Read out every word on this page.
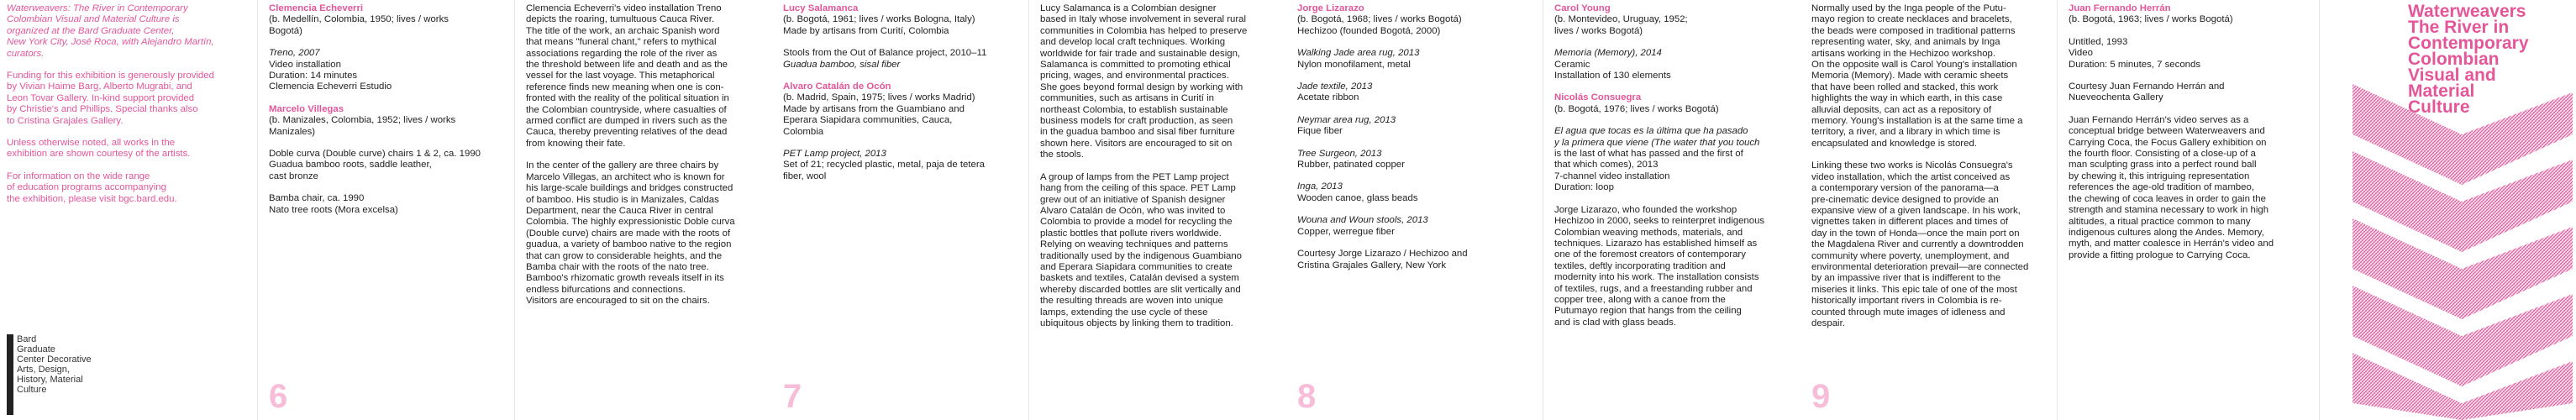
Waterweavers: The River in Contemporary
Colombian Visual and Material Culture is
organized at the Bard Graduate Center,
New York City, José Roca, with Alejandro Martín,
curators.

Funding for this exhibition is generously provided
by Vivian Haime Barg, Alberto Mugrabi, and
Leon Tovar Gallery. In-kind support provided
by Christie's and Phillips. Special thanks also
to Cristina Grajales Gallery.

Unless otherwise noted, all works in the
exhibition are shown courtesy of the artists.

For information on the wide range
of education programs accompanying
the exhibition, please visit bgc.bard.edu.

Bard
Graduate
Center Decorative
Arts, Design,
History, Material
Culture

Clemencia Echeverri
(b. Medellín, Colombia, 1950; lives / works
Bogotá)

Treno, 2007
Video installation
Duration: 14 minutes
Clemencia Echeverri Estudio

Marcelo Villegas
(b. Manizales, Colombia, 1952; lives / works
Manizales)

Doble curva (Double curve) chairs 1 & 2, ca. 1990
Guadua bamboo roots, saddle leather,
cast bronze

Bamba chair, ca. 1990
Nato tree roots (Mora excelsa)

6

Clemencia Echeverri's video installation Treno
depicts the roaring, tumultuous Cauca River.
The title of the work, an archaic Spanish word
that means "funeral chant," refers to mythical
associations regarding the role of the river as
the threshold between life and death and as the
vessel for the last voyage. This metaphorical
reference finds new meaning when one is con-
fronted with the reality of the political situation in
the Colombian countryside, where casualties of
armed conflict are dumped in rivers such as the
Cauca, thereby preventing relatives of the dead
from knowing their fate.

In the center of the gallery are three chairs by
Marcelo Villegas, an architect who is known for
his large-scale buildings and bridges constructed
of bamboo. His studio is in Manizales, Caldas
Department, near the Cauca River in central
Colombia. The highly expressionistic Doble curva
(Double curve) chairs are made with the roots of
guadua, a variety of bamboo native to the region
that can grow to considerable heights, and the
Bamba chair with the roots of the nato tree.
Bamboo's rhizomatic growth reveals itself in its
endless bifurcations and connections.
Visitors are encouraged to sit on the chairs.

Lucy Salamanca
(b. Bogotá, 1961; lives / works Bologna, Italy)
Made by artisans from Curití, Colombia

Stools from the Out of Balance project, 2010–11
Guadua bamboo, sisal fiber

Alvaro Catalán de Ocón
(b. Madrid, Spain, 1975; lives / works Madrid)
Made by artisans from the Guambiano and
Eperara Siapidara communities, Cauca,
Colombia

PET Lamp project, 2013
Set of 21; recycled plastic, metal, paja de tetera
fiber, wool

7

Lucy Salamanca is a Colombian designer
based in Italy whose involvement in several rural
communities in Colombia has helped to preserve
and develop local craft techniques. Working
worldwide for fair trade and sustainable design,
Salamanca is committed to promoting ethical
pricing, wages, and environmental practices.
She goes beyond formal design by working with
communities, such as artisans in Curití in
northeast Colombia, to establish sustainable
business models for craft production, as seen
in the guadua bamboo and sisal fiber furniture
shown here. Visitors are encouraged to sit on
the stools.

A group of lamps from the PET Lamp project
hang from the ceiling of this space. PET Lamp
grew out of an initiative of Spanish designer
Alvaro Catalán de Ocón, who was invited to
Colombia to provide a model for recycling the
plastic bottles that pollute rivers worldwide.
Relying on weaving techniques and patterns
traditionally used by the indigenous Guambiano
and Eperara Siapidara communities to create
baskets and textiles, Catalán devised a system
whereby discarded bottles are slit vertically and
the resulting threads are woven into unique
lamps, extending the use cycle of these
ubiquitous objects by linking them to tradition.

Jorge Lizarazo
(b. Bogotá, 1968; lives / works Bogotá)
Hechizoo (founded Bogotá, 2000)

Walking Jade area rug, 2013
Nylon monofilament, metal

Jade textile, 2013
Acetate ribbon

Neymar area rug, 2013
Fique fiber

Tree Surgeon, 2013
Rubber, patinated copper

Inga, 2013
Wooden canoe, glass beads

Wouna and Woun stools, 2013
Copper, werregue fiber

Courtesy Jorge Lizarazo / Hechizoo and
Cristina Grajales Gallery, New York

8

Carol Young
(b. Montevideo, Uruguay, 1952;
lives / works Bogotá)

Memoria (Memory), 2014
Ceramic
Installation of 130 elements

Nicolás Consuegra
(b. Bogotá, 1976; lives / works Bogotá)

El agua que tocas es la última que ha pasado
y la primera que viene (The water that you touch
is the last of what has passed and the first of
that which comes), 2013
7-channel video installation
Duration: loop

Jorge Lizarazo, who founded the workshop
Hechizoo in 2000, seeks to reinterpret indigenous
Colombian weaving methods, materials, and
techniques. Lizarazo has established himself as
one of the foremost creators of contemporary
textiles, deftly incorporating tradition and
modernity into his work. The installation consists
of textiles, rugs, and a freestanding rubber and
copper tree, along with a canoe from the
Putumayo region that hangs from the ceiling
and is clad with glass beads.

Normally used by the Inga people of the Putu-
mayo region to create necklaces and bracelets,
the beads were composed in traditional patterns
representing water, sky, and animals by Inga
artisans working in the Hechizoo workshop.
On the opposite wall is Carol Young's installation
Memoria (Memory). Made with ceramic sheets
that have been rolled and stacked, this work
highlights the way in which earth, in this case
alluvial deposits, can act as a repository of
memory. Young's installation is at the same time a
territory, a river, and a library in which time is
encapsulated and knowledge is stored.

Linking these two works is Nicolás Consuegra's
video installation, which the artist conceived as
a contemporary version of the panorama—a
pre-cinematic device designed to provide an
expansive view of a given landscape. In his work,
vignettes taken in different places and times of
day in the town of Honda—once the main port on
the Magdalena River and currently a downtrodden
community where poverty, unemployment, and
environmental deterioration prevail—are connected
by an impassive river that is indifferent to the
miseries it links. This epic tale of one of the most
historically important rivers in Colombia is re-
counted through mute images of idleness and
despair.

9

Juan Fernando Herrán
(b. Bogotá, 1963; lives / works Bogotá)

Untitled, 1993
Video
Duration: 5 minutes, 7 seconds

Courtesy Juan Fernando Herrán and
Nueveochenta Gallery

Juan Fernando Herrán's video serves as a
conceptual bridge between Waterweavers and
Carrying Coca, the Focus Gallery exhibition on
the fourth floor. Consisting of a close-up of a
man sculpting grass into a perfect round ball
by chewing it, this intriguing representation
references the age-old tradition of mambeo,
the chewing of coca leaves in order to gain the
strength and stamina necessary to work in high
altitudes, a ritual practice common to many
indigenous cultures along the Andes. Memory,
myth, and matter coalesce in Herrán's video and
provide a fitting prologue to Carrying Coca.

Waterweavers
The River in
Contemporary
Colombian
Visual and
Material
Culture
